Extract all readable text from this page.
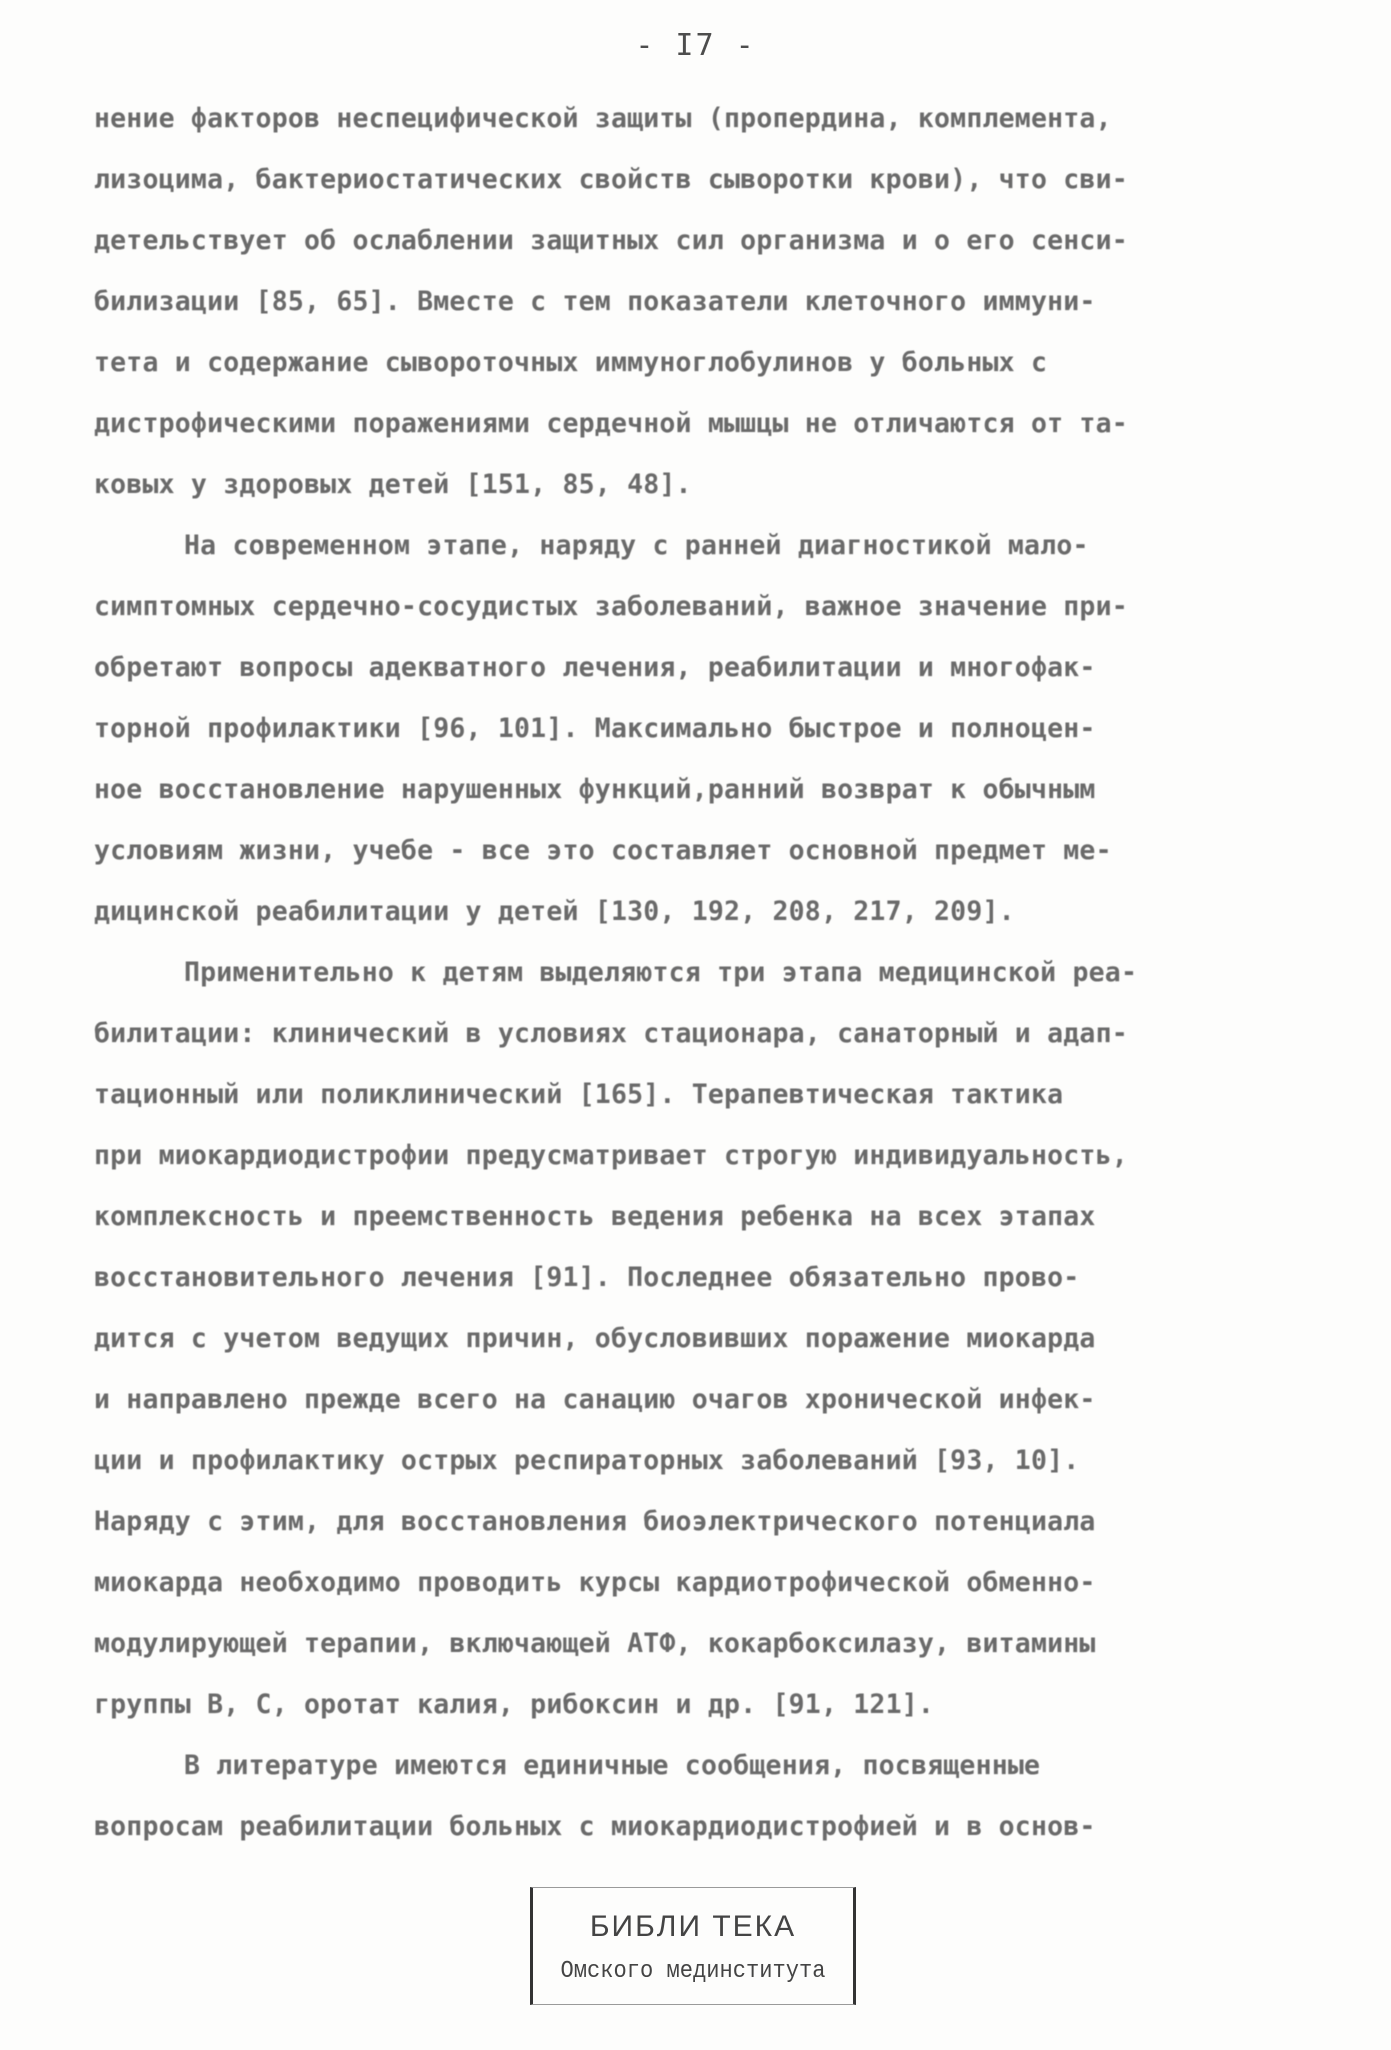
- I7 -
нение факторов неспецифической защиты (пропердина, комплемента,
лизоцима, бактериостатических свойств сыворотки крови), что сви-
детельствует об ослаблении защитных сил организма и о его сенси-
билизации [85, 65]. Вместе с тем показатели клеточного иммуни-
тета и содержание сывороточных иммуноглобулинов у больных с
дистрофическими поражениями сердечной мышцы не отличаются от та-
ковых у здоровых детей [151, 85, 48].
На современном этапе, наряду с ранней диагностикой мало-
симптомных сердечно-сосудистых заболеваний, важное значение при-
обретают вопросы адекватного лечения, реабилитации и многофак-
торной профилактики [96, 101]. Максимально быстрое и полноцен-
ное восстановление нарушенных функций,ранний возврат к обычным
условиям жизни, учебе - все это составляет основной предмет ме-
дицинской реабилитации у детей [130, 192, 208, 217, 209].
Применительно к детям выделяются три этапа медицинской реа-
билитации: клинический в условиях стационара, санаторный и адап-
тационный или поликлинический [165]. Терапевтическая тактика
при миокардиодистрофии предусматривает строгую индивидуальность,
комплексность и преемственность ведения ребенка на всех этапах
восстановительного лечения [91]. Последнее обязательно прово-
дится с учетом ведущих причин, обусловивших поражение миокарда
и направлено прежде всего на санацию очагов хронической инфек-
ции и профилактику острых респираторных заболеваний [93, 10].
Наряду с этим, для восстановления биоэлектрического потенциала
миокарда необходимо проводить курсы кардиотрофической обменно-
модулирующей терапии, включающей АТФ, кокарбоксилазу, витамины
группы В, С, оротат калия, рибоксин и др. [91, 121].
В литературе имеются единичные сообщения, посвященные
вопросам реабилитации больных с миокардиодистрофией и в основ-
БИБЛИ ТЕКА
Омского мединститута
